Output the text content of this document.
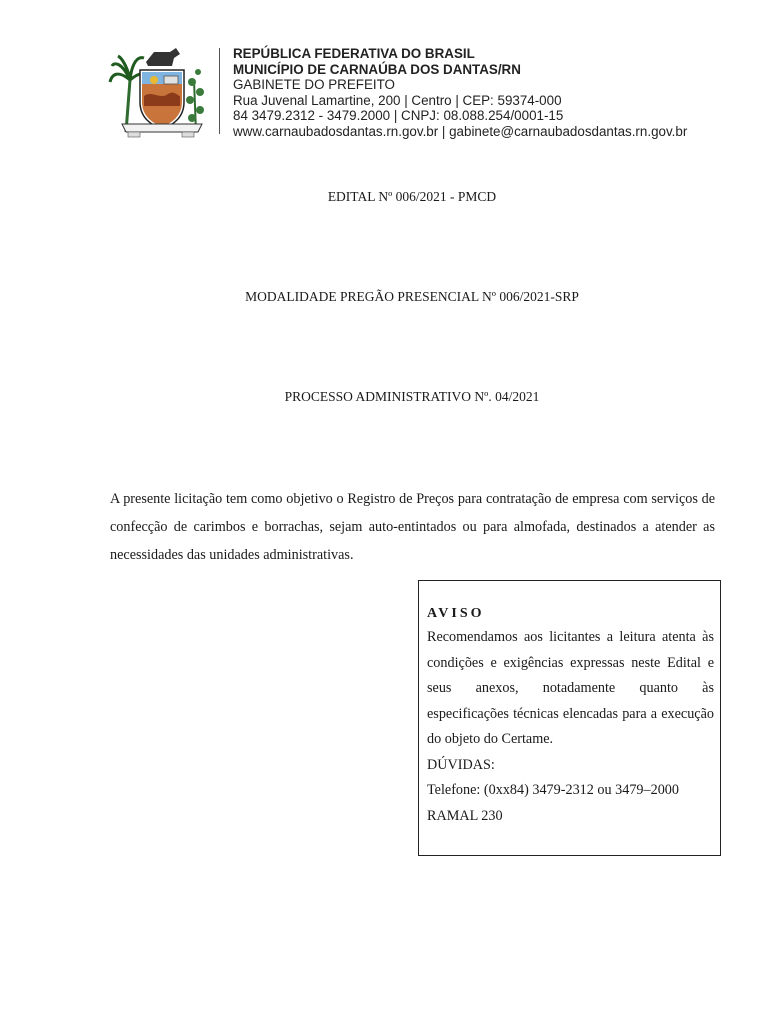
REPÚBLICA FEDERATIVA DO BRASIL
MUNICÍPIO DE CARNAÚBA DOS DANTAS/RN
GABINETE DO PREFEITO
Rua Juvenal Lamartine, 200 | Centro | CEP: 59374-000
84 3479.2312 - 3479.2000 | CNPJ: 08.088.254/0001-15
www.carnaubadosdantas.rn.gov.br | gabinete@carnaubadosdantas.rn.gov.br
EDITAL Nº 006/2021 - PMCD
MODALIDADE PREGÃO PRESENCIAL Nº 006/2021-SRP
PROCESSO ADMINISTRATIVO Nº. 04/2021
A presente licitação tem como objetivo o Registro de Preços para contratação de empresa com serviços de confecção de carimbos e borrachas, sejam auto-entintados ou para almofada, destinados a atender as necessidades das unidades administrativas.
AVISO
Recomendamos aos licitantes a leitura atenta às condições e exigências expressas neste Edital e seus anexos, notadamente quanto às especificações técnicas elencadas para a execução do objeto do Certame.
DÚVIDAS:
Telefone: (0xx84) 3479-2312 ou 3479–2000
RAMAL 230
